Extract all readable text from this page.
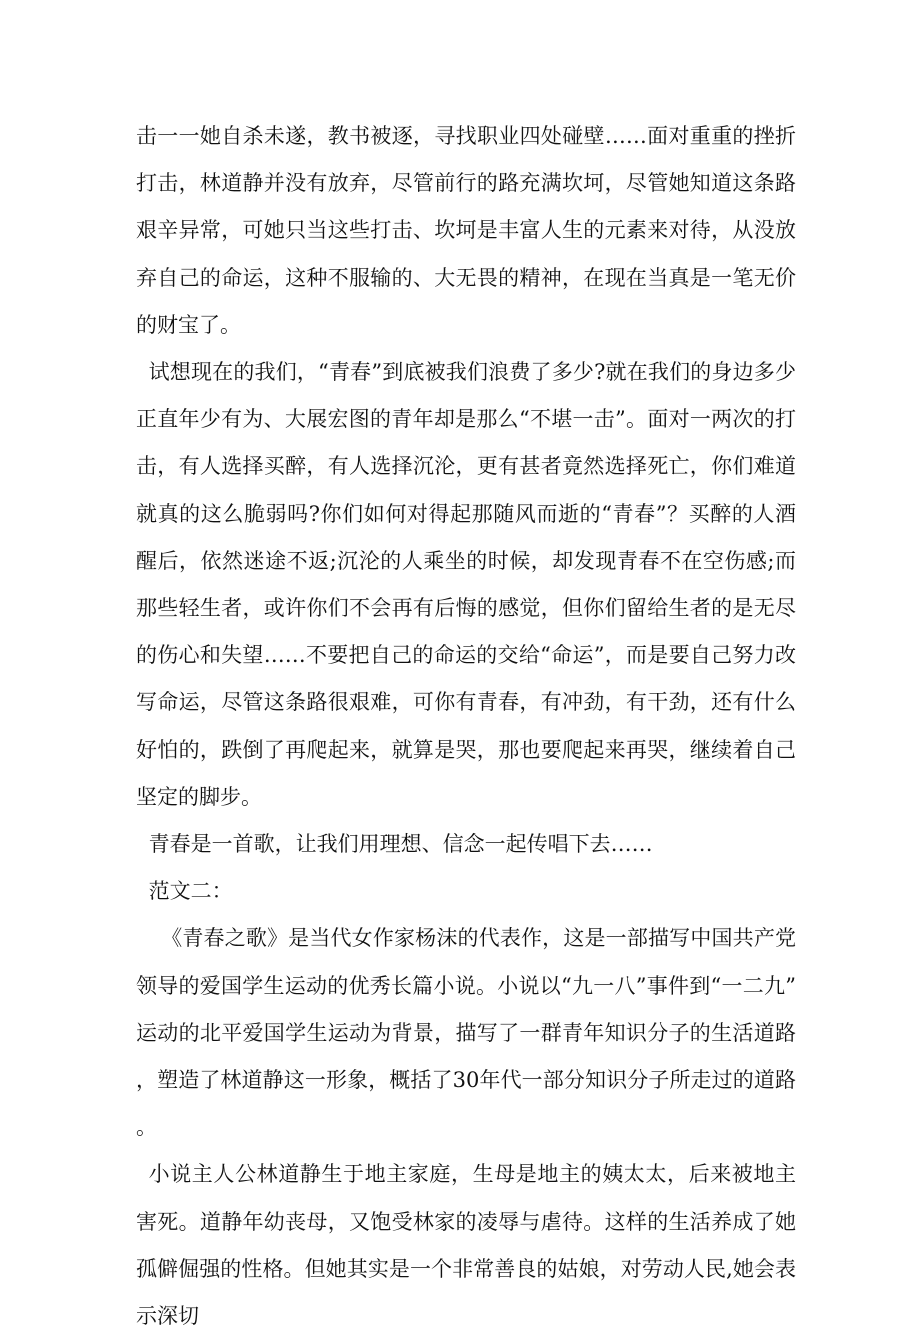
击一一她自杀未遂，教书被逐，寻找职业四处碰壁……面对重重的挫折打击，林道静并没有放弃，尽管前行的路充满坎坷，尽管她知道这条路艰辛异常，可她只当这些打击、坎坷是丰富人生的元素来对待，从没放弃自己的命运，这种不服输的、大无畏的精神，在现在当真是一笔无价的财宝了。

试想现在的我们，“青春”到底被我们浪费了多少?就在我们的身边多少正直年少有为、大展宏图的青年却是那么“不堪一击”。面对一两次的打击，有人选择买醉，有人选择沉沦，更有甚者竟然选择死亡，你们难道就真的这么脆弱吗?你们如何对得起那随风而逝的“青春”？买醉的人酒醒后，依然迷途不返;沉沦的人乘坐的时候，却发现青春不在空伤感;而那些轻生者，或许你们不会再有后悔的感觉，但你们留给生者的是无尽的伤心和失望……不要把自己的命运的交给“命运”，而是要自己努力改写命运，尽管这条路很艰难，可你有青春，有冲劲，有干劲，还有什么好怕的，跌倒了再爬起来，就算是哭，那也要爬起来再哭，继续着自己坚定的脚步。

青春是一首歌，让我们用理想、信念一起传唱下去……

范文二：

《青春之歌》是当代女作家杨沫的代表作，这是一部描写中国共产党领导的爱国学生运动的优秀长篇小说。小说以“九一八”事件到“一二九”运动的北平爱国学生运动为背景，描写了一群青年知识分子的生活道路，塑造了林道静这一形象，概括了30年代一部分知识分子所走过的道路。

小说主人公林道静生于地主家庭，生母是地主的姨太太，后来被地主害死。道静年幼丧母，又饱受林家的凌辱与虐待。这样的生活养成了她孤僻倔强的性格。但她其实是一个非常善良的姑娘，对劳动人民,她会表示深切
